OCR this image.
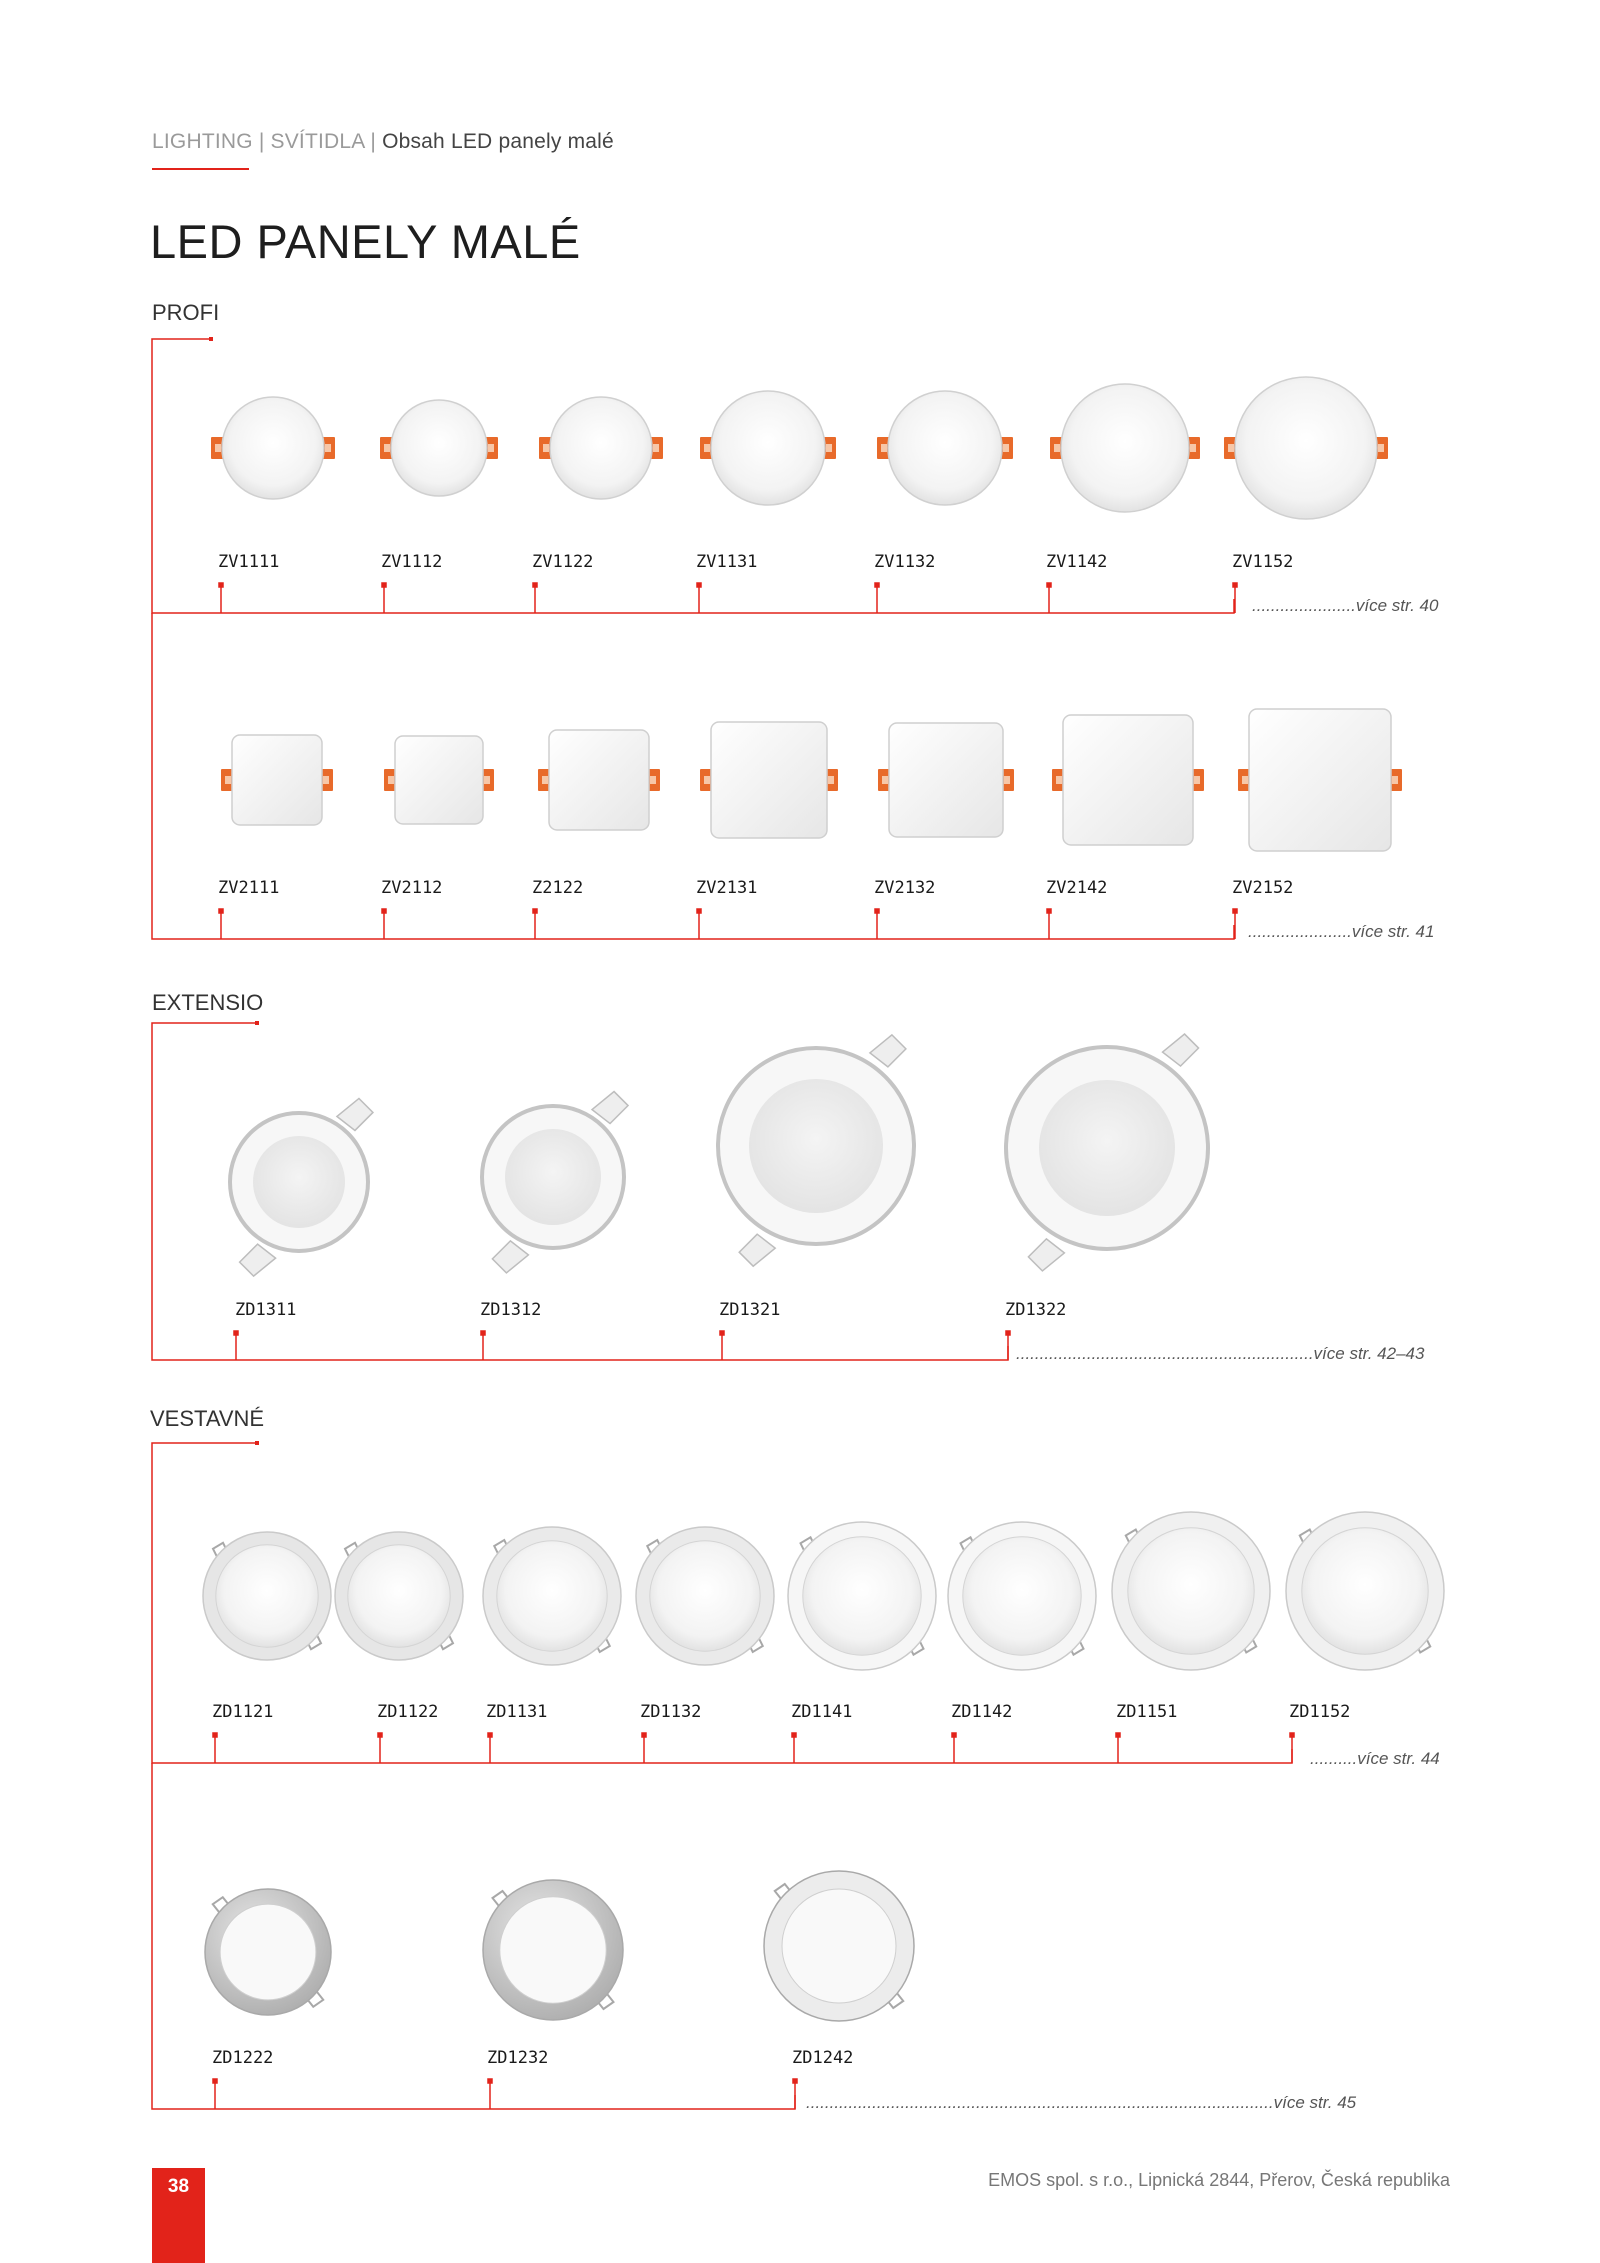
LIGHTING | SVÍTIDLA | Obsah LED panely malé
LED PANELY MALÉ
PROFI
EXTENSIO
VESTAVNÉ
ZV1111	ZV1112	ZV1122	ZV1131	ZV1132	ZV1142	ZV1152
......................více str. 40
ZV2111	ZV2112	Z2122	ZV2131	ZV2132	ZV2142	ZV2152
......................více str. 41
ZD1311	ZD1312	ZD1321	ZD1322
...............................................................více str. 42–43
ZD1121	ZD1122	ZD1131	ZD1132	ZD1141	ZD1142	ZD1151	ZD1152
..........více str. 44
ZD1222	ZD1232	ZD1242
...................................................................................................více str. 45
38	EMOS spol. s r.o., Lipnická 2844, Přerov, Česká republika
